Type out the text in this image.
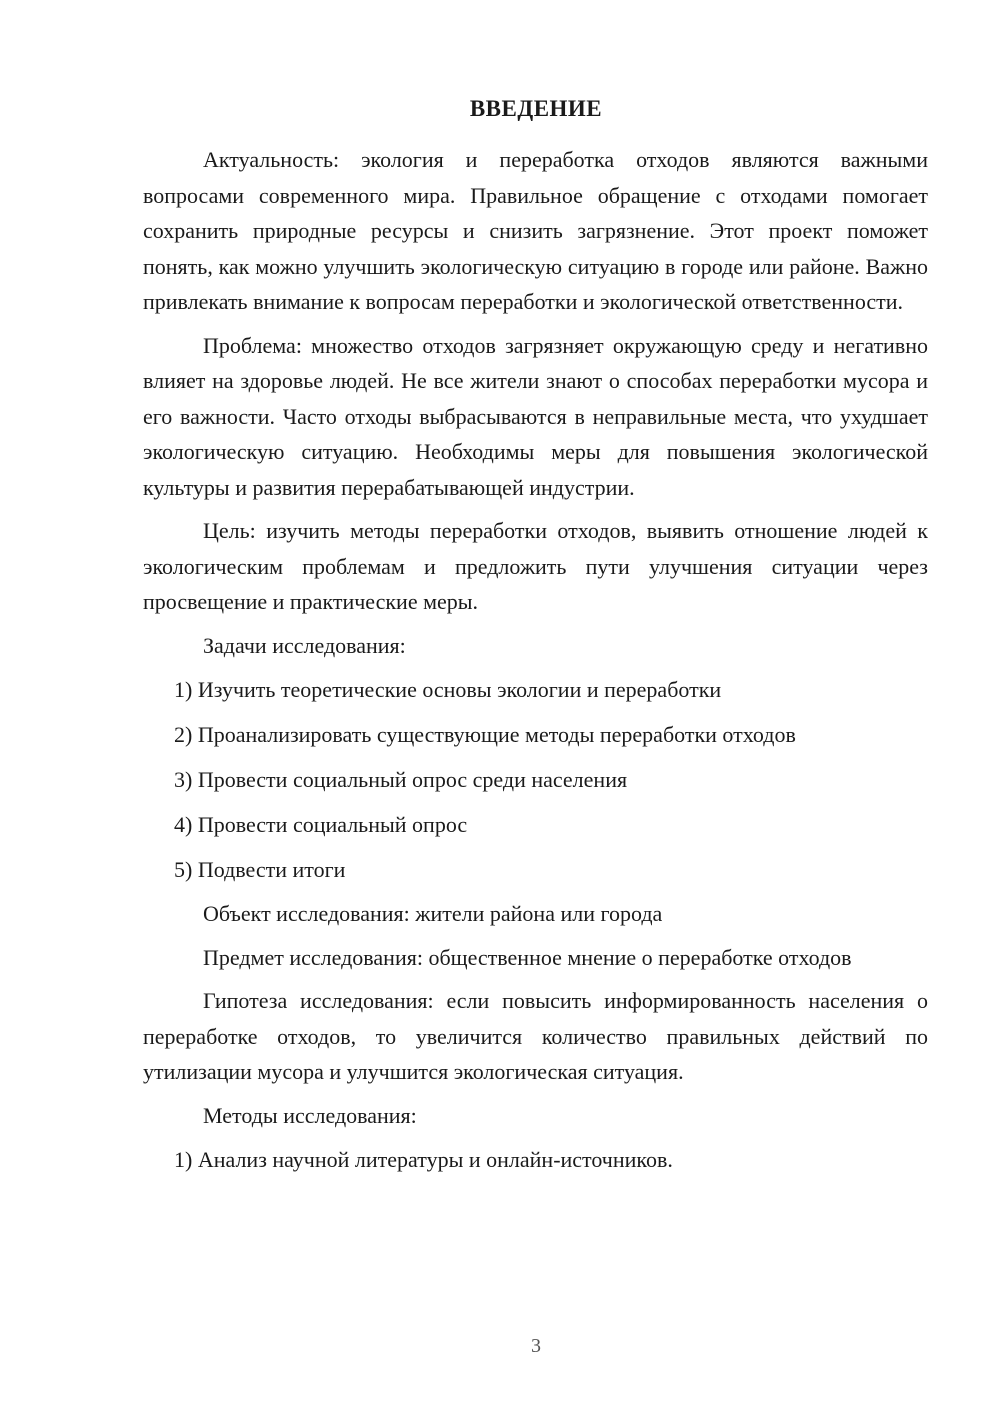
ВВЕДЕНИЕ

Актуальность: экология и переработка отходов являются важными вопросами современного мира. Правильное обращение с отходами помогает сохранить природные ресурсы и снизить загрязнение. Этот проект поможет понять, как можно улучшить экологическую ситуацию в городе или районе. Важно привлекать внимание к вопросам переработки и экологической ответственности.

Проблема: множество отходов загрязняет окружающую среду и негативно влияет на здоровье людей. Не все жители знают о способах переработки мусора и его важности. Часто отходы выбрасываются в неправильные места, что ухудшает экологическую ситуацию. Необходимы меры для повышения экологической культуры и развития перерабатывающей индустрии.

Цель: изучить методы переработки отходов, выявить отношение людей к экологическим проблемам и предложить пути улучшения ситуации через просвещение и практические меры.

Задачи исследования:

1) Изучить теоретические основы экологии и переработки
2) Проанализировать существующие методы переработки отходов
3) Провести социальный опрос среди населения
4) Провести социальный опрос
5) Подвести итоги

Объект исследования: жители района или города

Предмет исследования: общественное мнение о переработке отходов

Гипотеза исследования: если повысить информированность населения о переработке отходов, то увеличится количество правильных действий по утилизации мусора и улучшится экологическая ситуация.

Методы исследования:

1) Анализ научной литературы и онлайн-источников.
3
